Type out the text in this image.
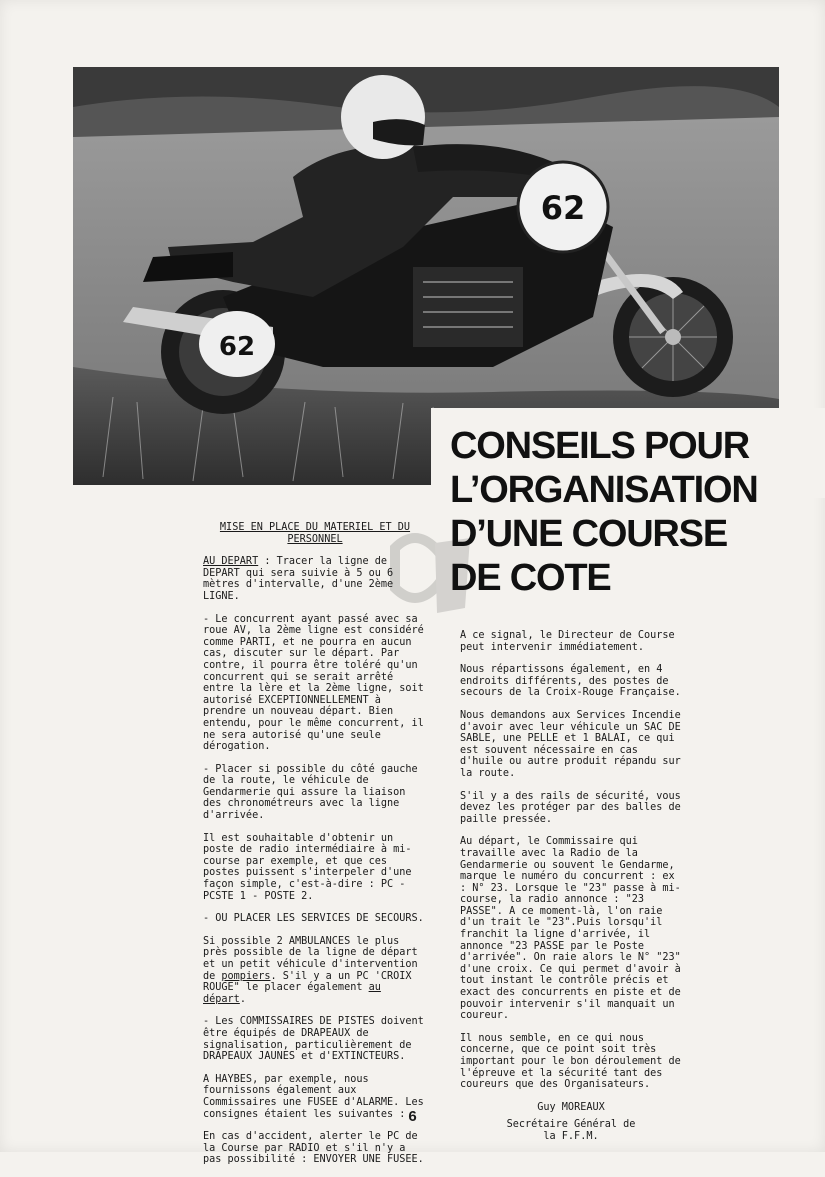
62
62
CONSEILS POUR
L’ORGANISATION
D’UNE COURSE
DE COTE
MISE EN PLACE DU MATERIEL ET DU
PERSONNEL

AU DEPART : Tracer la ligne de DEPART qui sera suivie à 5 ou 6 mètres d'intervalle, d'une 2ème LIGNE.

- Le concurrent ayant passé avec sa roue AV, la 2ème ligne est considéré comme PARTI, et ne pourra en aucun cas, discuter sur le départ. Par contre, il pourra être toléré qu'un concurrent qui se serait arrêté entre la lère et la 2ème ligne, soit autorisé EXCEPTIONNELLEMENT à prendre un nouveau départ. Bien entendu, pour le même concurrent, il ne sera autorisé qu'une seule dérogation.

- Placer si possible du côté gauche de la route, le véhicule de Gendarmerie qui assure la liaison des chronométreurs avec la ligne d'arrivée.

Il est souhaitable d'obtenir un poste de radio intermédiaire à mi-course par exemple, et que ces postes puissent s'interpeler d'une façon simple, c'est-à-dire : PC - PCSTE 1 - POSTE 2.

- OU PLACER LES SERVICES DE SECOURS.

Si possible 2 AMBULANCES le plus près possible de la ligne de départ et un petit véhicule d'intervention de pompiers. S'il y a un PC 'CROIX ROUGE" le placer également au départ.

- Les COMMISSAIRES DE PISTES doivent être équipés de DRAPEAUX de signalisation, particulièrement de DRAPEAUX JAUNES et d'EXTINCTEURS.

A HAYBES, par exemple, nous fournissons également aux Commissaires une FUSEE d'ALARME. Les consignes étaient les suivantes :

En cas d'accident, alerter le PC de la Course par RADIO et s'il n'y a pas possibilité : ENVOYER UNE FUSEE.

A ce signal, le Directeur de Course peut intervenir immédiatement.

Nous répartissons également, en 4 endroits différents, des postes de secours de la Croix-Rouge Française.

Nous demandons aux Services Incendie d'avoir avec leur véhicule un SAC DE SABLE, une PELLE et 1 BALAI, ce qui est souvent nécessaire en cas d'huile ou autre produit répandu sur la route.

S'il y a des rails de sécurité, vous devez les protéger par des balles de paille pressée.

Au départ, le Commissaire qui travaille avec la Radio de la Gendarmerie ou souvent le Gendarme, marque le numéro du concurrent : ex : N° 23. Lorsque le "23" passe à mi-course, la radio annonce : "23 PASSE". A ce moment-là, l'on raie d'un trait le "23".Puis lorsqu'il franchit la ligne d'arrivée, il annonce "23 PASSE par le Poste d'arrivée". On raie alors le N° "23" d'une croix. Ce qui permet d'avoir à tout instant le contrôle précis et exact des concurrents en piste et de pouvoir intervenir s'il manquait un coureur.

Il nous semble, en ce qui nous concerne, que ce point soit très important pour le bon déroulement de l'épreuve et la sécurité tant des coureurs que des Organisateurs.

Guy MOREAUX
Secrétaire Général de
la F.F.M.
6
